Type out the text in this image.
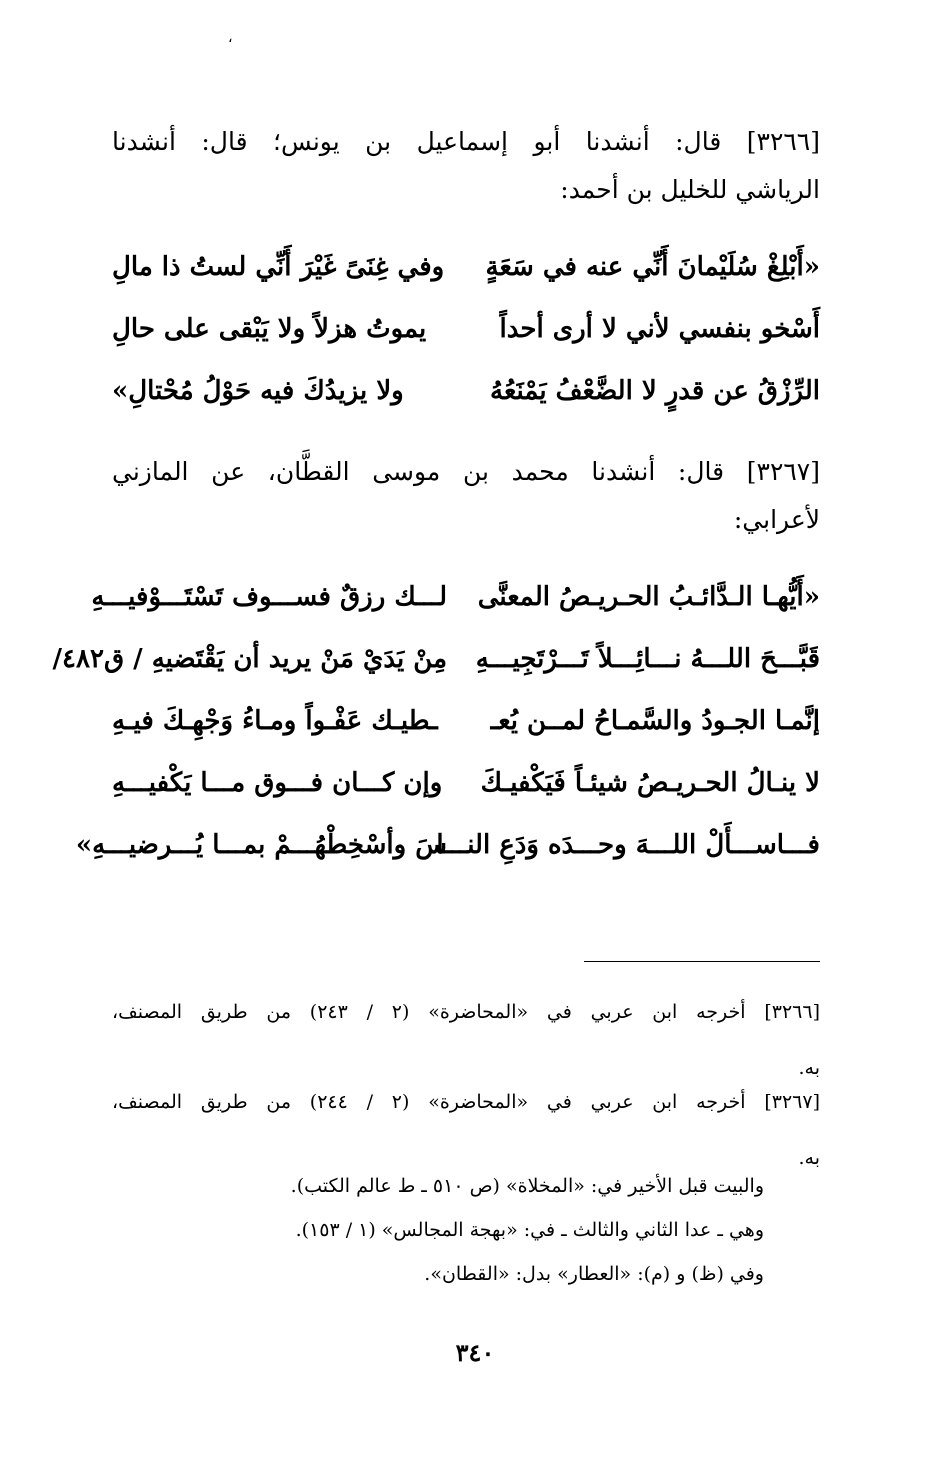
،
[٣٢٦٦] قال: أنشدنا أبو إسماعيل بن يونس؛ قال: أنشدنا
الرياشي للخليل بن أحمد:
«أَبْلِغْ سُلَيْمانَ أَنِّي عنه في سَعَةٍ
وفي غِنَىً غَيْرَ أَنِّي لستُ ذا مالِ
أَسْخو بنفسي لأني لا أرى أحداً
يموتُ هزلاً ولا يَبْقى على حالِ
الرِّزْقُ عن قدرٍ لا الضَّعْفُ يَمْنَعُهُ
ولا يزيدُكَ فيه حَوْلُ مُحْتالِ»
[٣٢٦٧] قال: أنشدنا محمد بن موسى القطَّان، عن المازني
لأعرابي:
«أَيُّهـا الـدَّائـبُ الحـريـصُ المعنَّى
لـــك رزقٌ فســـوف تَسْتَـــوْفيـــهِ
قَبَّـــحَ اللـــهُ نـــائِـــلاً تَـــرْتَجِيـــهِ
مِنْ يَدَيْ مَنْ يريد أن يَقْتَضيهِ / ق٤٨٢/
إنَّمـا الجـودُ والسَّمـاحُ لمــن يُعـ
ـطيـك عَفْـواً ومـاءُ وَجْهِـكَ فيـهِ
لا ينـالُ الحـريـصُ شيئـاً فَيَكْفيـكَ
وإن كـــان فـــوق مـــا يَكْفيـــهِ
فـــاســـأَلْ اللـــهَ وحـــدَه وَدَعِ النـــا
سَ وأسْخِطْهُـــمْ بمـــا يُـــرضيـــهِ»
[٣٢٦٦] أخرجه ابن عربي في «المحاضرة» (٢ / ٢٤٣) من طريق المصنف،
به.
[٣٢٦٧] أخرجه ابن عربي في «المحاضرة» (٢ / ٢٤٤) من طريق المصنف،
به.
والبيت قبل الأخير في: «المخلاة» (ص ٥١٠ ـ ط عالم الكتب).
وهي ـ عدا الثاني والثالث ـ في: «بهجة المجالس» (١ / ١٥٣).
وفي (ظ) و (م): «العطار» بدل: «القطان».
٣٤٠
